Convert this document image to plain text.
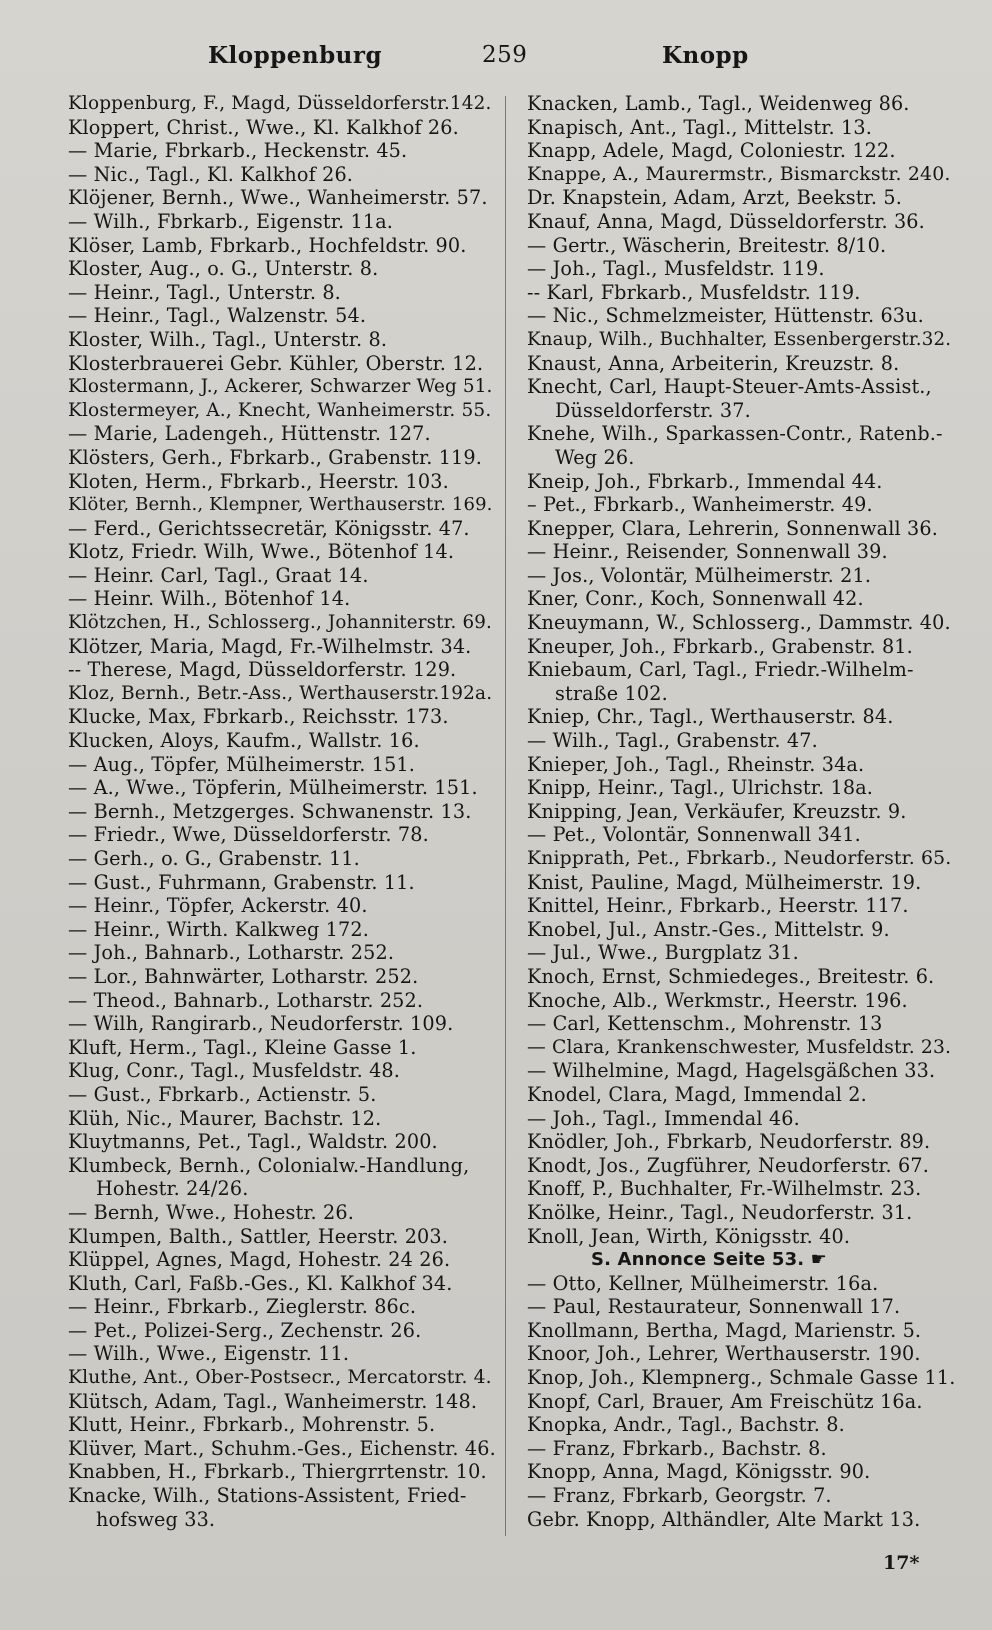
Kloppenburg	259	Knopp
Kloppenburg, F., Magd, Düsseldorferstr.142.
Kloppert, Christ., Wwe., Kl. Kalkhof 26.
— Marie, Fbrkarb., Heckenstr. 45.
— Nic., Tagl., Kl. Kalkhof 26.
Klöjener, Bernh., Wwe., Wanheimerstr. 57.
— Wilh., Fbrkarb., Eigenstr. 11a.
Klöser, Lamb, Fbrkarb., Hochfeldstr. 90.
Kloster, Aug., o. G., Unterstr. 8.
— Heinr., Tagl., Unterstr. 8.
— Heinr., Tagl., Walzenstr. 54.
Kloster, Wilh., Tagl., Unterstr. 8.
Klosterbrauerei Gebr. Kühler, Oberstr. 12.
Klostermann, J., Ackerer, Schwarzer Weg 51.
Klostermeyer, A., Knecht, Wanheimerstr. 55.
— Marie, Ladengeh., Hüttenstr. 127.
Klösters, Gerh., Fbrkarb., Grabenstr. 119.
Kloten, Herm., Fbrkarb., Heerstr. 103.
Klöter, Bernh., Klempner, Werthauserstr. 169.
— Ferd., Gerichtssecretär, Königsstr. 47.
Klotz, Friedr. Wilh, Wwe., Bötenhof 14.
— Heinr. Carl, Tagl., Graat 14.
— Heinr. Wilh., Bötenhof 14.
Klötzchen, H., Schlosserg., Johanniterstr. 69.
Klötzer, Maria, Magd, Fr.-Wilhelmstr. 34.
-- Therese, Magd, Düsseldorferstr. 129.
Kloz, Bernh., Betr.-Ass., Werthauserstr.192a.
Klucke, Max, Fbrkarb., Reichsstr. 173.
Klucken, Aloys, Kaufm., Wallstr. 16.
— Aug., Töpfer, Mülheimerstr. 151.
— A., Wwe., Töpferin, Mülheimerstr. 151.
— Bernh., Metzgerges. Schwanenstr. 13.
— Friedr., Wwe, Düsseldorferstr. 78.
— Gerh., o. G., Grabenstr. 11.
— Gust., Fuhrmann, Grabenstr. 11.
— Heinr., Töpfer, Ackerstr. 40.
— Heinr., Wirth. Kalkweg 172.
— Joh., Bahnarb., Lotharstr. 252.
— Lor., Bahnwärter, Lotharstr. 252.
— Theod., Bahnarb., Lotharstr. 252.
— Wilh, Rangirarb., Neudorferstr. 109.
Kluft, Herm., Tagl., Kleine Gasse 1.
Klug, Conr., Tagl., Musfeldstr. 48.
— Gust., Fbrkarb., Actienstr. 5.
Klüh, Nic., Maurer, Bachstr. 12.
Kluytmanns, Pet., Tagl., Waldstr. 200.
Klumbeck, Bernh., Colonialw.-Handlung,
Hohestr. 24/26.
— Bernh, Wwe., Hohestr. 26.
Klumpen, Balth., Sattler, Heerstr. 203.
Klüppel, Agnes, Magd, Hohestr. 24 26.
Kluth, Carl, Faßb.-Ges., Kl. Kalkhof 34.
— Heinr., Fbrkarb., Zieglerstr. 86c.
— Pet., Polizei-Serg., Zechenstr. 26.
— Wilh., Wwe., Eigenstr. 11.
Kluthe, Ant., Ober-Postsecr., Mercatorstr. 4.
Klütsch, Adam, Tagl., Wanheimerstr. 148.
Klutt, Heinr., Fbrkarb., Mohrenstr. 5.
Klüver, Mart., Schuhm.-Ges., Eichenstr. 46.
Knabben, H., Fbrkarb., Thiergrrtenstr. 10.
Knacke, Wilh., Stations-Assistent, Fried-
hofsweg 33.
Knacken, Lamb., Tagl., Weidenweg 86.
Knapisch, Ant., Tagl., Mittelstr. 13.
Knapp, Adele, Magd, Coloniestr. 122.
Knappe, A., Maurermstr., Bismarckstr. 240.
Dr. Knapstein, Adam, Arzt, Beekstr. 5.
Knauf, Anna, Magd, Düsseldorferstr. 36.
— Gertr., Wäscherin, Breitestr. 8/10.
— Joh., Tagl., Musfeldstr. 119.
-- Karl, Fbrkarb., Musfeldstr. 119.
— Nic., Schmelzmeister, Hüttenstr. 63u.
Knaup, Wilh., Buchhalter, Essenbergerstr.32.
Knaust, Anna, Arbeiterin, Kreuzstr. 8.
Knecht, Carl, Haupt-Steuer-Amts-Assist.,
Düsseldorferstr. 37.
Knehe, Wilh., Sparkassen-Contr., Ratenb.-
Weg 26.
Kneip, Joh., Fbrkarb., Immendal 44.
– Pet., Fbrkarb., Wanheimerstr. 49.
Knepper, Clara, Lehrerin, Sonnenwall 36.
— Heinr., Reisender, Sonnenwall 39.
— Jos., Volontär, Mülheimerstr. 21.
Kner, Conr., Koch, Sonnenwall 42.
Kneuymann, W., Schlosserg., Dammstr. 40.
Kneuper, Joh., Fbrkarb., Grabenstr. 81.
Kniebaum, Carl, Tagl., Friedr.-Wilhelm-
straße 102.
Kniep, Chr., Tagl., Werthauserstr. 84.
— Wilh., Tagl., Grabenstr. 47.
Knieper, Joh., Tagl., Rheinstr. 34a.
Knipp, Heinr., Tagl., Ulrichstr. 18a.
Knipping, Jean, Verkäufer, Kreuzstr. 9.
— Pet., Volontär, Sonnenwall 341.
Knipprath, Pet., Fbrkarb., Neudorferstr. 65.
Knist, Pauline, Magd, Mülheimerstr. 19.
Knittel, Heinr., Fbrkarb., Heerstr. 117.
Knobel, Jul., Anstr.-Ges., Mittelstr. 9.
— Jul., Wwe., Burgplatz 31.
Knoch, Ernst, Schmiedeges., Breitestr. 6.
Knoche, Alb., Werkmstr., Heerstr. 196.
— Carl, Kettenschm., Mohrenstr. 13
— Clara, Krankenschwester, Musfeldstr. 23.
— Wilhelmine, Magd, Hagelsgäßchen 33.
Knodel, Clara, Magd, Immendal 2.
— Joh., Tagl., Immendal 46.
Knödler, Joh., Fbrkarb, Neudorferstr. 89.
Knodt, Jos., Zugführer, Neudorferstr. 67.
Knoff, P., Buchhalter, Fr.-Wilhelmstr. 23.
Knölke, Heinr., Tagl., Neudorferstr. 31.
Knoll, Jean, Wirth, Königsstr. 40.
S. Annonce Seite 53. ☛
— Otto, Kellner, Mülheimerstr. 16a.
— Paul, Restaurateur, Sonnenwall 17.
Knollmann, Bertha, Magd, Marienstr. 5.
Knoor, Joh., Lehrer, Werthauserstr. 190.
Knop, Joh., Klempnerg., Schmale Gasse 11.
Knopf, Carl, Brauer, Am Freischütz 16a.
Knopka, Andr., Tagl., Bachstr. 8.
— Franz, Fbrkarb., Bachstr. 8.
Knopp, Anna, Magd, Königsstr. 90.
— Franz, Fbrkarb, Georgstr. 7.
Gebr. Knopp, Althändler, Alte Markt 13.
17*
